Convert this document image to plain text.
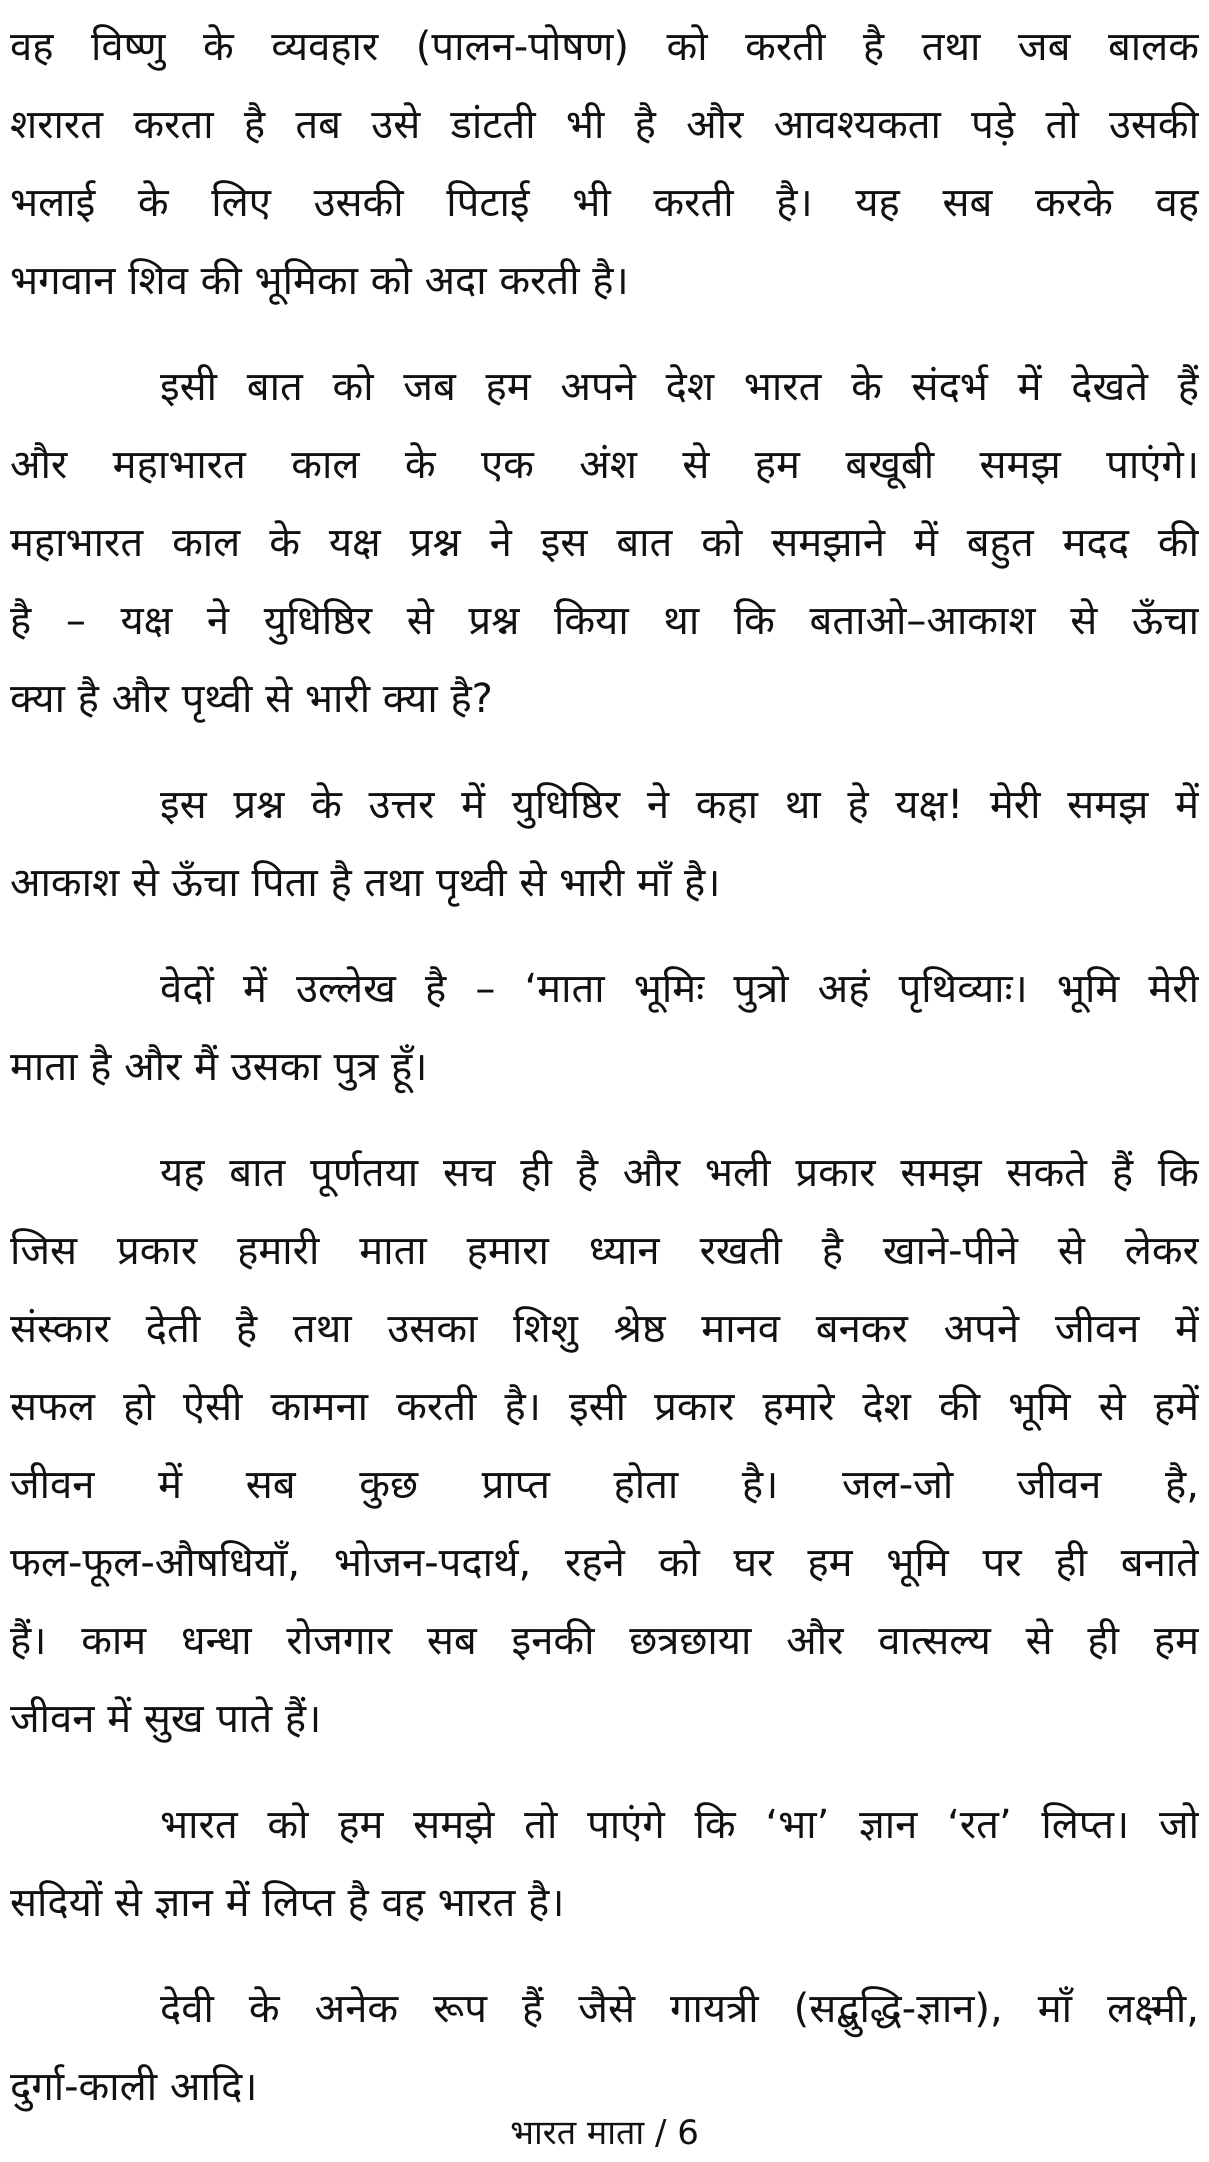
वह विष्णु के व्यवहार (पालन-पोषण) को करती है तथा जब बालक
शरारत करता है तब उसे डांटती भी है और आवश्यकता पड़े तो उसकी
भलाई के लिए उसकी पिटाई भी करती है। यह सब करके वह
भगवान शिव की भूमिका को अदा करती है।
इसी बात को जब हम अपने देश भारत के संदर्भ में देखते हैं
और महाभारत काल के एक अंश से हम बखूबी समझ पाएंगे।
महाभारत काल के यक्ष प्रश्न ने इस बात को समझाने में बहुत मदद की
है – यक्ष ने युधिष्ठिर से प्रश्न किया था कि बताओ–आकाश से ऊँचा
क्या है और पृथ्वी से भारी क्या है?
इस प्रश्न के उत्तर में युधिष्ठिर ने कहा था हे यक्ष! मेरी समझ में
आकाश से ऊँचा पिता है तथा पृथ्वी से भारी माँ है।
वेदों में उल्लेख है – ‘माता भूमिः पुत्रो अहं पृथिव्याः। भूमि मेरी
माता है और मैं उसका पुत्र हूँ।
यह बात पूर्णतया सच ही है और भली प्रकार समझ सकते हैं कि
जिस प्रकार हमारी माता हमारा ध्यान रखती है खाने-पीने से लेकर
संस्कार देती है तथा उसका शिशु श्रेष्ठ मानव बनकर अपने जीवन में
सफल हो ऐसी कामना करती है। इसी प्रकार हमारे देश की भूमि से हमें
जीवन में सब कुछ प्राप्त होता है। जल-जो जीवन है,
फल-फूल-औषधियाँ, भोजन-पदार्थ, रहने को घर हम भूमि पर ही बनाते
हैं। काम धन्धा रोजगार सब इनकी छत्रछाया और वात्सल्य से ही हम
जीवन में सुख पाते हैं।
भारत को हम समझे तो पाएंगे कि ‘भा’ ज्ञान ‘रत’ लिप्त। जो
सदियों से ज्ञान में लिप्त है वह भारत है।
देवी के अनेक रूप हैं जैसे गायत्री (सद्बुद्धि-ज्ञान), माँ लक्ष्मी,
दुर्गा-काली आदि।
भारत माता / 6
